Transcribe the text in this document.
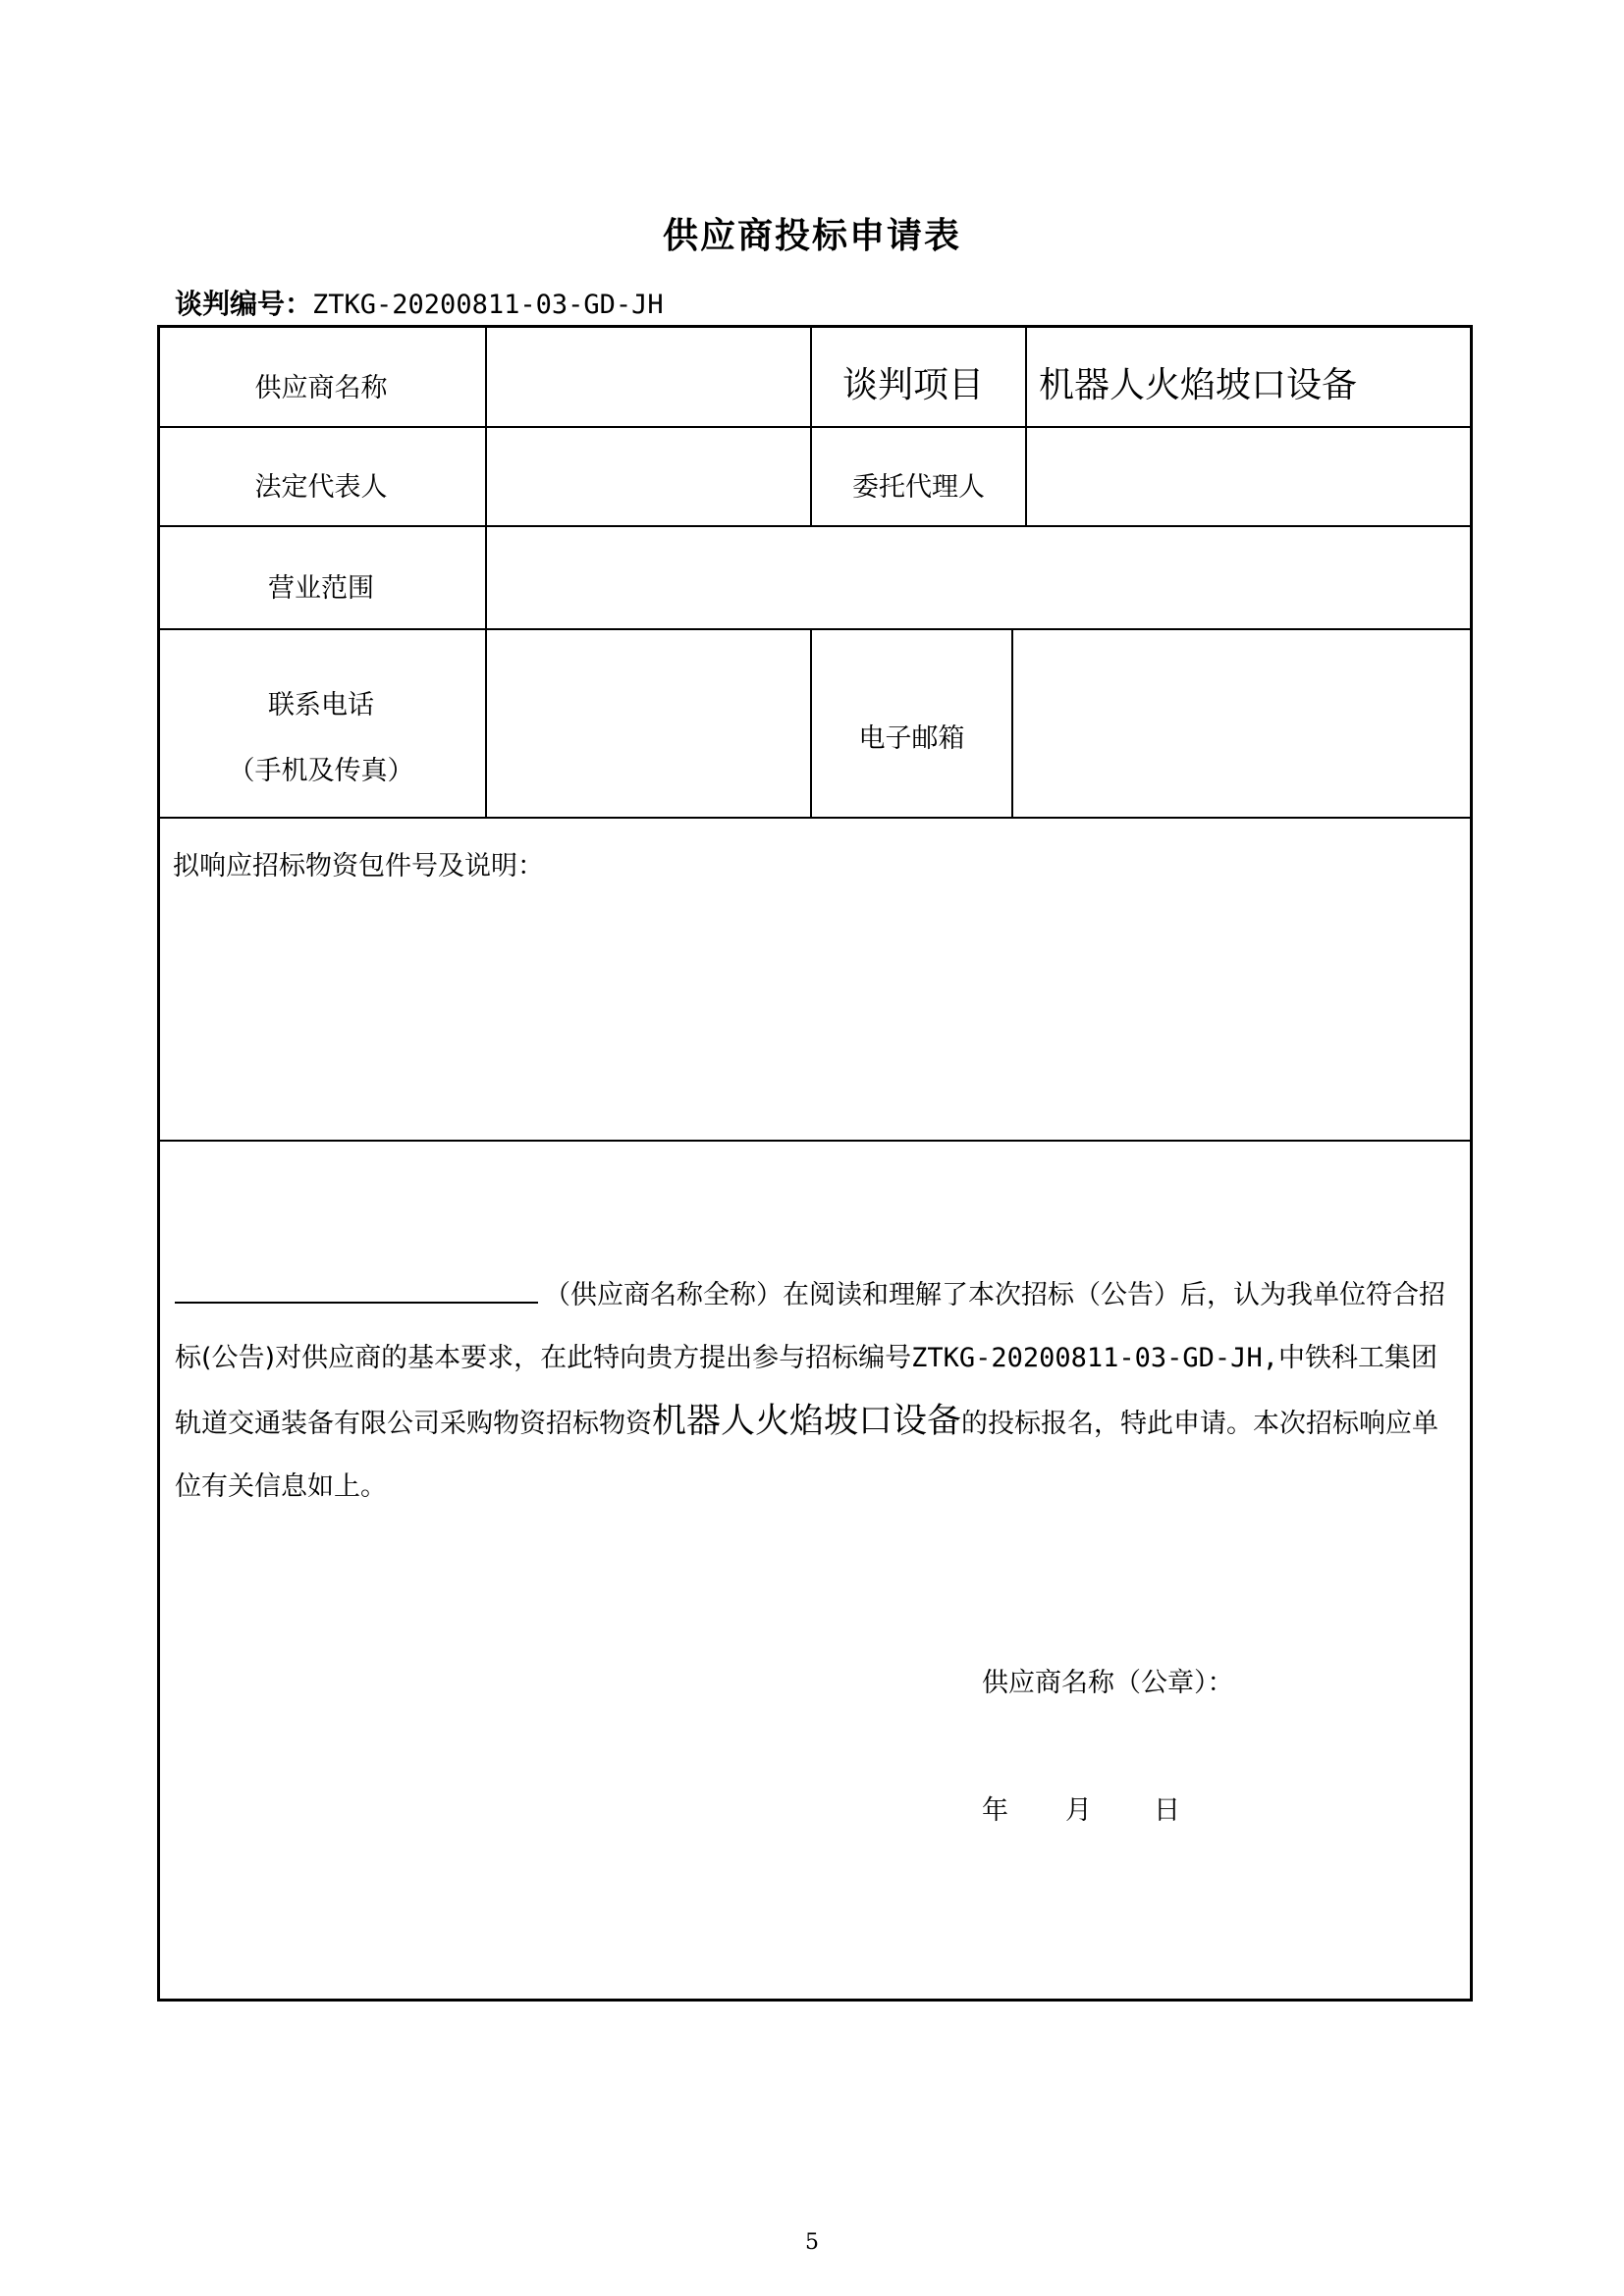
供应商投标申请表
谈判编号：ZTKG-20200811-03-GD-JH
供应商名称	谈判项目 机器人火焰坡口设备
法定代表人	委托代理人
营业范围
联系电话
（手机及传真）
电子邮箱
拟响应招标物资包件号及说明：
（供应商名称全称）在阅读和理解了本次招标（公告）后，认为我单位符合招标(公告)对供应商的基本要求，在此特向贵方提出参与招标编号ZTKG-20200811-03-GD-JH,中铁科工集团轨道交通装备有限公司采购物资招标物资机器人火焰坡口设备的投标报名，特此申请。本次招标响应单位有关信息如上。
供应商名称（公章）：
年 月 日
5
